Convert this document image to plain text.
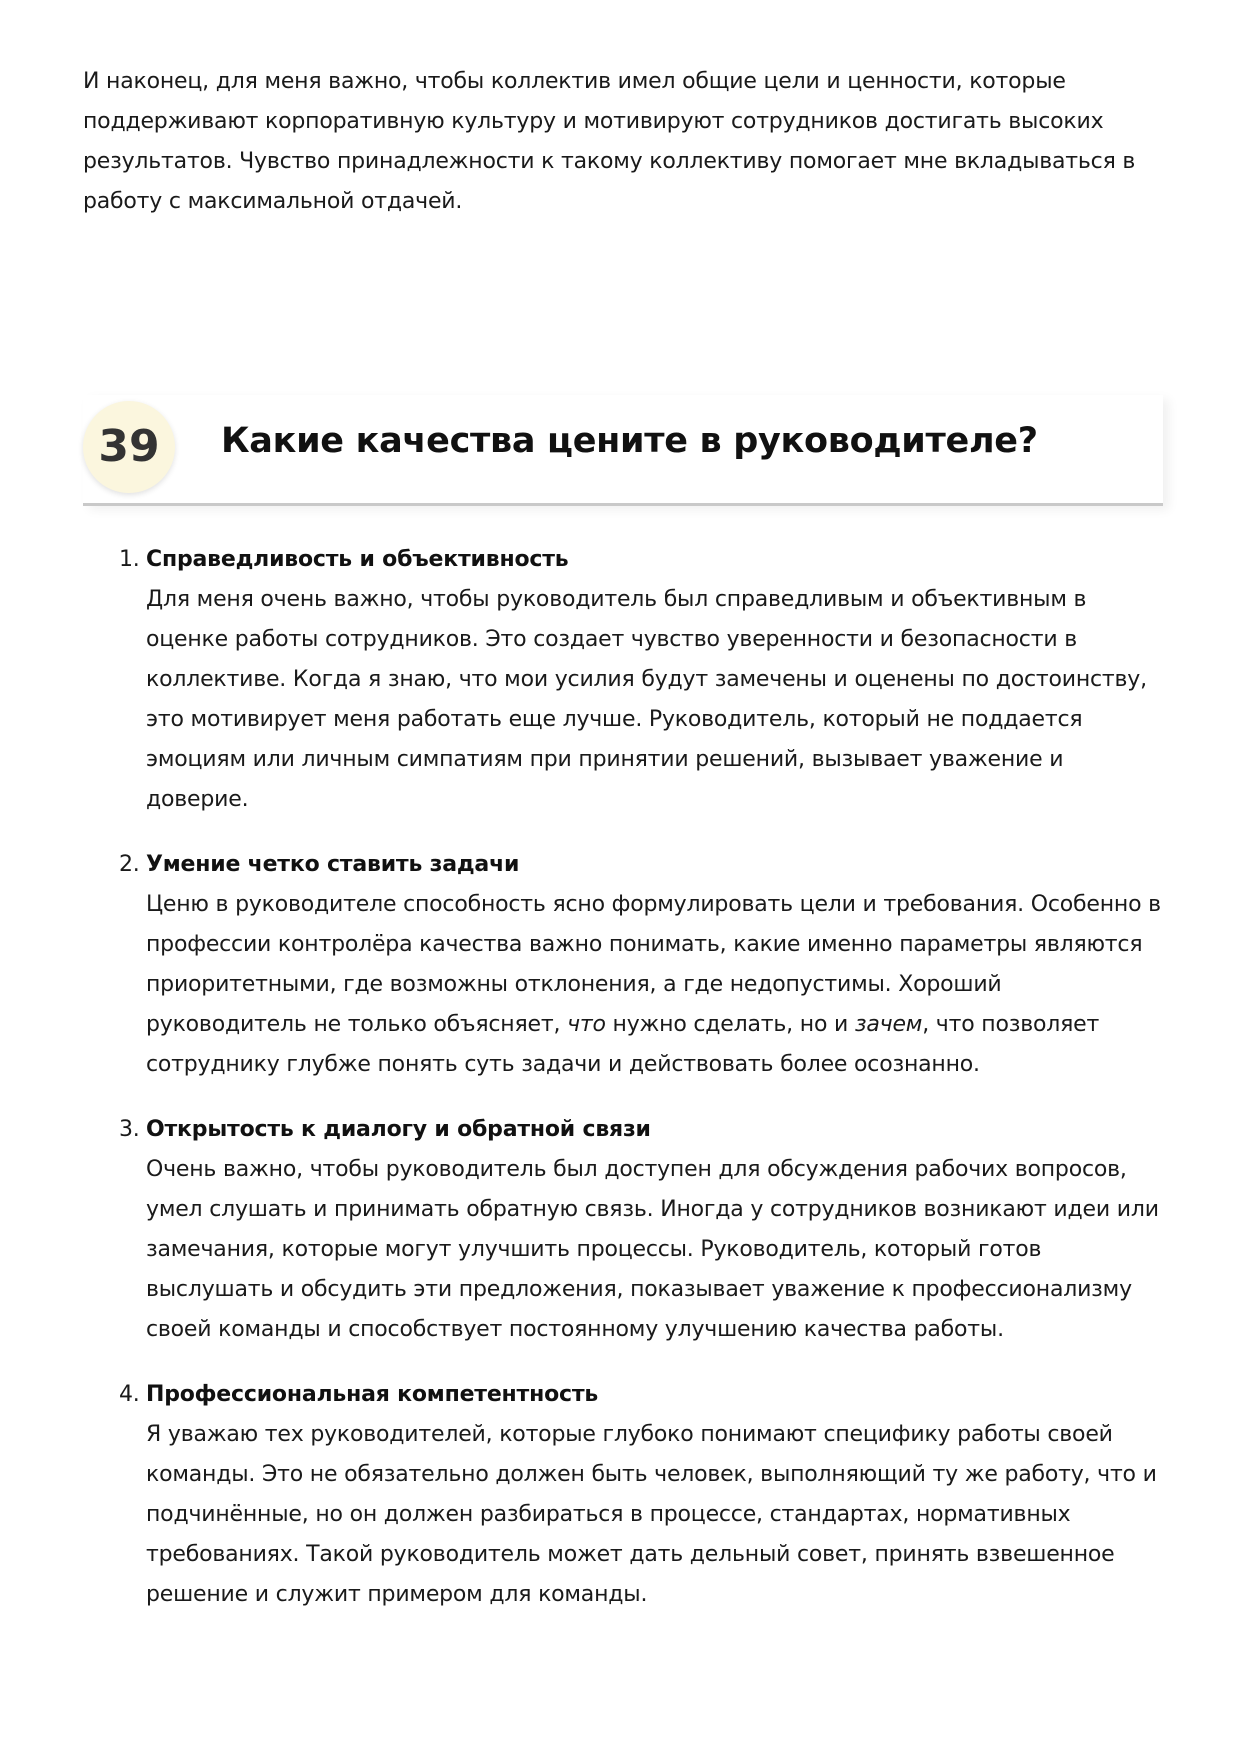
И наконец, для меня важно, чтобы коллектив имел общие цели и ценности, которые поддерживают корпоративную культуру и мотивируют сотрудников достигать высоких результатов. Чувство принадлежности к такому коллективу помогает мне вкладываться в работу с максимальной отдачей.

39	Какие качества цените в руководителе?
1. Справедливость и объективность
Для меня очень важно, чтобы руководитель был справедливым и объективным в оценке работы сотрудников. Это создает чувство уверенности и безопасности в коллективе. Когда я знаю, что мои усилия будут замечены и оценены по достоинству, это мотивирует меня работать еще лучше. Руководитель, который не поддается эмоциям или личным симпатиям при принятии решений, вызывает уважение и доверие.
2. Умение четко ставить задачи
Ценю в руководителе способность ясно формулировать цели и требования. Особенно в профессии контролёра качества важно понимать, какие именно параметры являются приоритетными, где возможны отклонения, а где недопустимы. Хороший руководитель не только объясняет, что нужно сделать, но и зачем, что позволяет сотруднику глубже понять суть задачи и действовать более осознанно.
3. Открытость к диалогу и обратной связи
Очень важно, чтобы руководитель был доступен для обсуждения рабочих вопросов, умел слушать и принимать обратную связь. Иногда у сотрудников возникают идеи или замечания, которые могут улучшить процессы. Руководитель, который готов выслушать и обсудить эти предложения, показывает уважение к профессионализму своей команды и способствует постоянному улучшению качества работы.
4. Профессиональная компетентность
Я уважаю тех руководителей, которые глубоко понимают специфику работы своей команды. Это не обязательно должен быть человек, выполняющий ту же работу, что и подчинённые, но он должен разбираться в процессе, стандартах, нормативных требованиях. Такой руководитель может дать дельный совет, принять взвешенное решение и служит примером для команды.
